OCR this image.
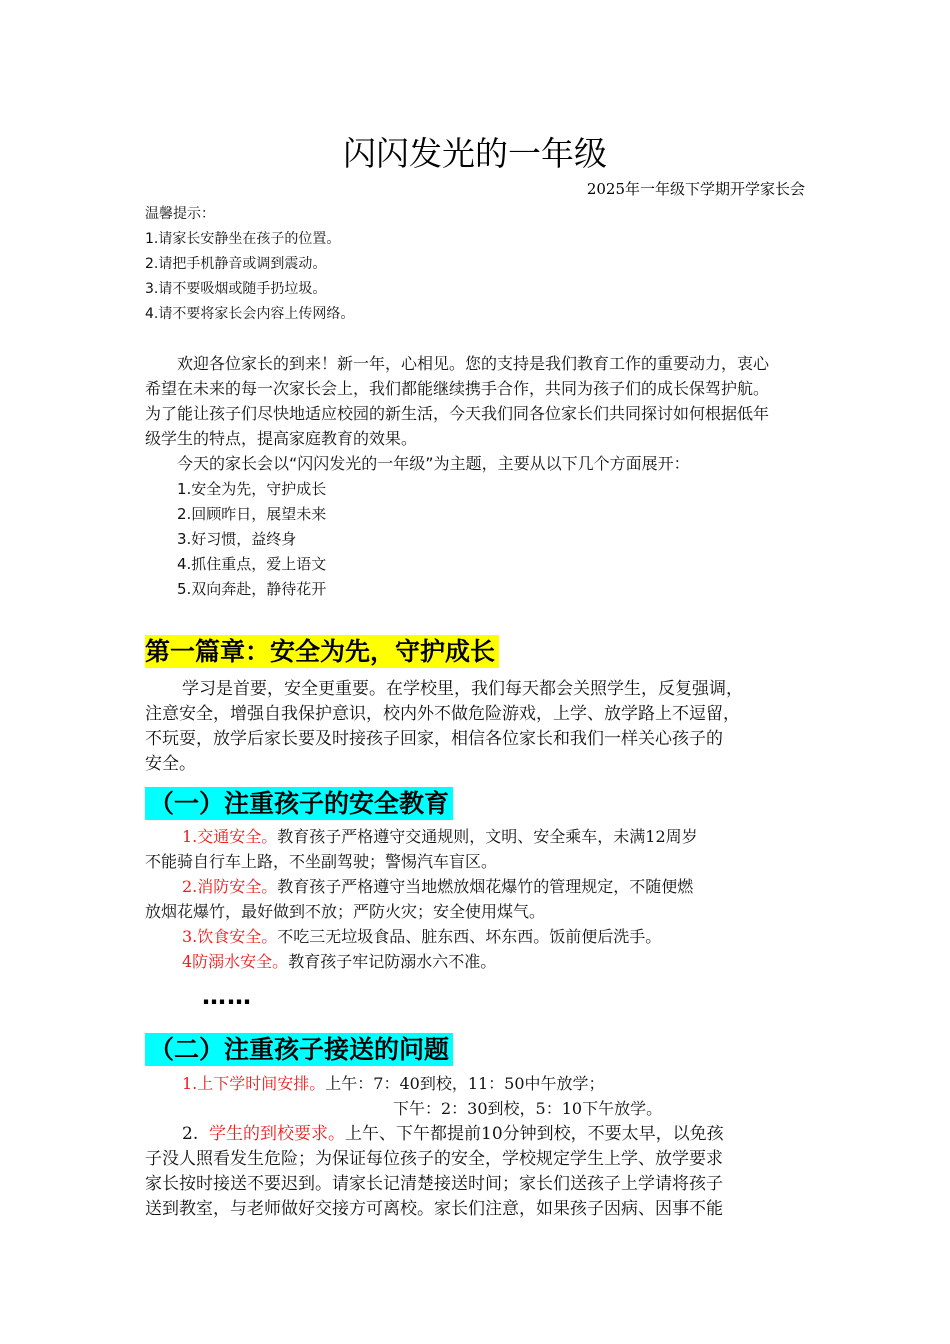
闪闪发光的一年级
2025年一年级下学期开学家长会
温馨提示：
1.请家长安静坐在孩子的位置。
2.请把手机静音或调到震动。
3.请不要吸烟或随手扔垃圾。
4.请不要将家长会内容上传网络。
欢迎各位家长的到来！新一年，心相见。您的支持是我们教育工作的重要动力，衷心
希望在未来的每一次家长会上，我们都能继续携手合作，共同为孩子们的成长保驾护航。
为了能让孩子们尽快地适应校园的新生活，今天我们同各位家长们共同探讨如何根据低年
级学生的特点，提高家庭教育的效果。
今天的家长会以“闪闪发光的一年级”为主题，主要从以下几个方面展开：
1.安全为先，守护成长
2.回顾昨日，展望未来
3.好习惯，益终身
4.抓住重点，爱上语文
5.双向奔赴，静待花开
第一篇章：安全为先，守护成长
学习是首要，安全更重要。在学校里，我们每天都会关照学生，反复强调，
注意安全，增强自我保护意识，校内外不做危险游戏，上学、放学路上不逗留，
不玩耍，放学后家长要及时接孩子回家，相信各位家长和我们一样关心孩子的
安全。
（一）注重孩子的安全教育
1.交通安全。教育孩子严格遵守交通规则，文明、安全乘车，未满12周岁
不能骑自行车上路，不坐副驾驶；警惕汽车盲区。
2.消防安全。教育孩子严格遵守当地燃放烟花爆竹的管理规定，不随便燃
放烟花爆竹，最好做到不放；严防火灾；安全使用煤气。
3.饮食安全。不吃三无垃圾食品、脏东西、坏东西。饭前便后洗手。
4防溺水安全。教育孩子牢记防溺水六不准。
……
（二）注重孩子接送的问题
1.上下学时间安排。上午：7：40到校，11：50中午放学；
下午：2：30到校，5：10下午放学。
2. 学生的到校要求。上午、下午都提前10分钟到校，不要太早，以免孩
子没人照看发生危险；为保证每位孩子的安全，学校规定学生上学、放学要求
家长按时接送不要迟到。请家长记清楚接送时间；家长们送孩子上学请将孩子
送到教室，与老师做好交接方可离校。家长们注意，如果孩子因病、因事不能
